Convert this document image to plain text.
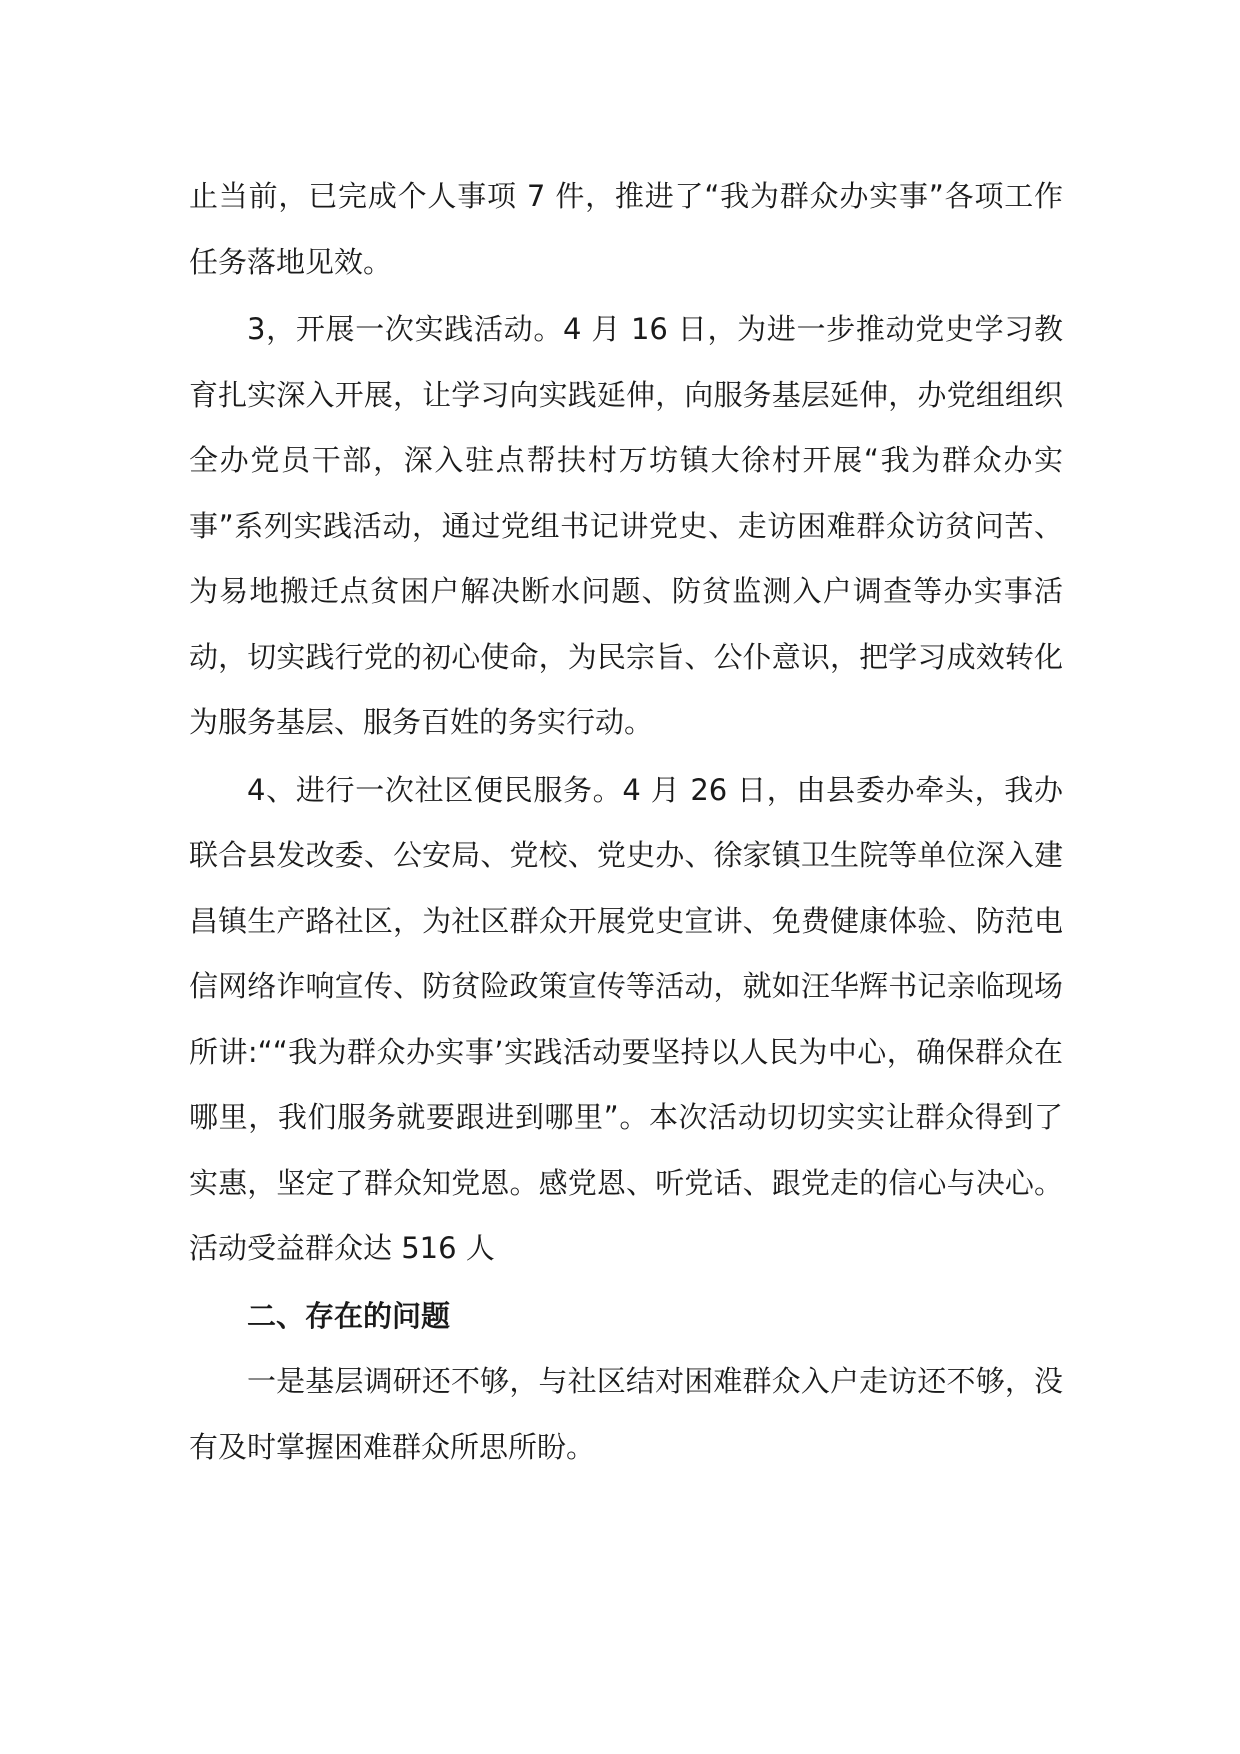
止当前，已完成个人事项 7 件，推进了“我为群众办实事”各项工作任务落地见效。

3，开展一次实践活动。4 月 16 日，为进一步推动党史学习教育扎实深入开展，让学习向实践延伸，向服务基层延伸，办党组组织全办党员干部，深入驻点帮扶村万坊镇大徐村开展“我为群众办实事”系列实践活动，通过党组书记讲党史、走访困难群众访贫问苦、为易地搬迁点贫困户解决断水问题、防贫监测入户调查等办实事活动，切实践行党的初心使命，为民宗旨、公仆意识，把学习成效转化为服务基层、服务百姓的务实行动。

4、进行一次社区便民服务。4 月 26 日，由县委办牵头，我办联合县发改委、公安局、党校、党史办、徐家镇卫生院等单位深入建昌镇生产路社区，为社区群众开展党史宣讲、免费健康体验、防范电信网络诈响宣传、防贫险政策宣传等活动，就如汪华辉书记亲临现场所讲:““我为群众办实事’实践活动要坚持以人民为中心，确保群众在哪里，我们服务就要跟进到哪里”。本次活动切切实实让群众得到了实惠，坚定了群众知党恩。感党恩、听党话、跟党走的信心与决心。活动受益群众达 516 人

二、存在的问题

一是基层调研还不够，与社区结对困难群众入户走访还不够，没有及时掌握困难群众所思所盼。
